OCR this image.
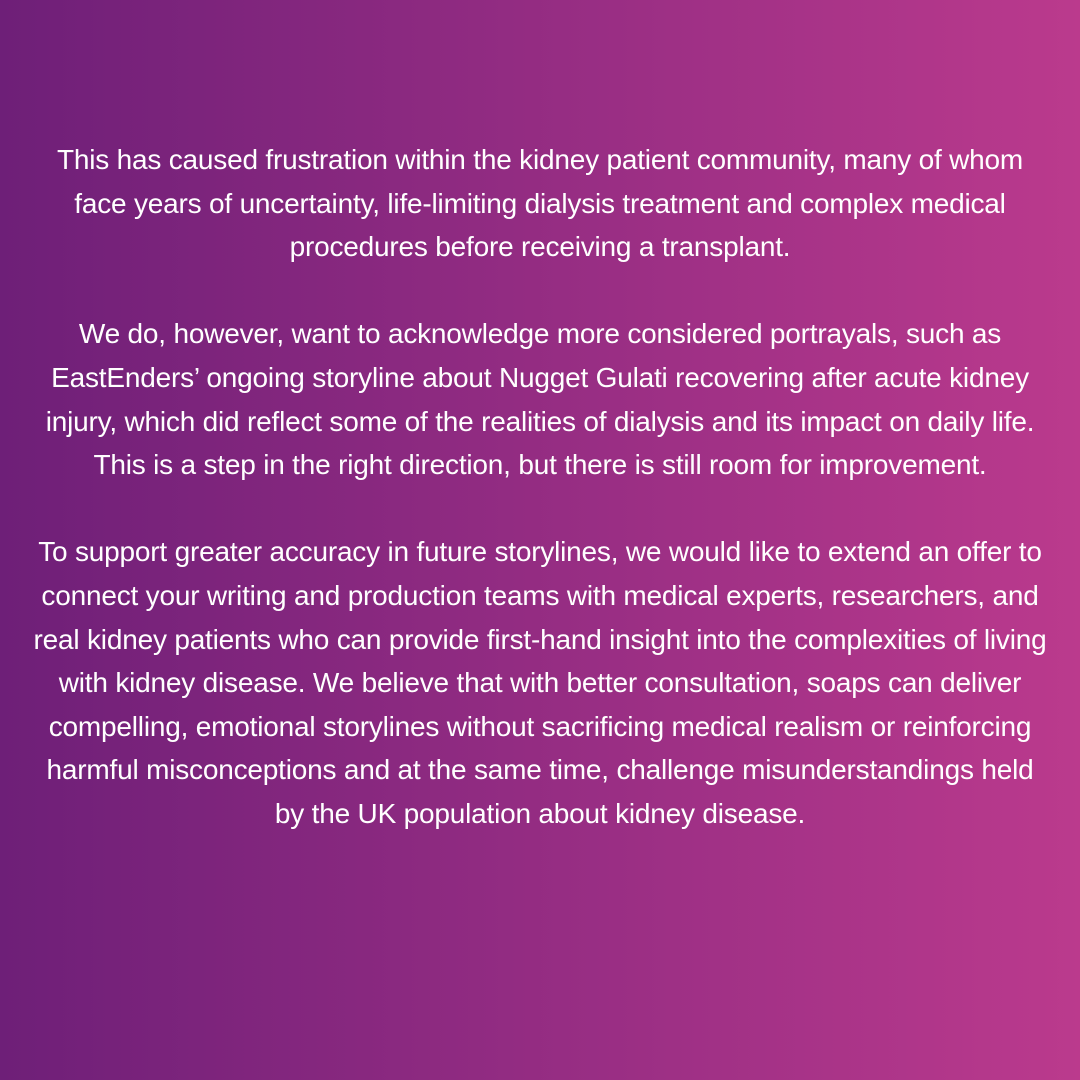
This has caused frustration within the kidney patient community, many of whom face years of uncertainty, life-limiting dialysis treatment and complex medical procedures before receiving a transplant.

We do, however, want to acknowledge more considered portrayals, such as EastEnders’ ongoing storyline about Nugget Gulati recovering after acute kidney injury, which did reflect some of the realities of dialysis and its impact on daily life. This is a step in the right direction, but there is still room for improvement.

To support greater accuracy in future storylines, we would like to extend an offer to connect your writing and production teams with medical experts, researchers, and real kidney patients who can provide first-hand insight into the complexities of living with kidney disease. We believe that with better consultation, soaps can deliver compelling, emotional storylines without sacrificing medical realism or reinforcing harmful misconceptions and at the same time, challenge misunderstandings held by the UK population about kidney disease.
